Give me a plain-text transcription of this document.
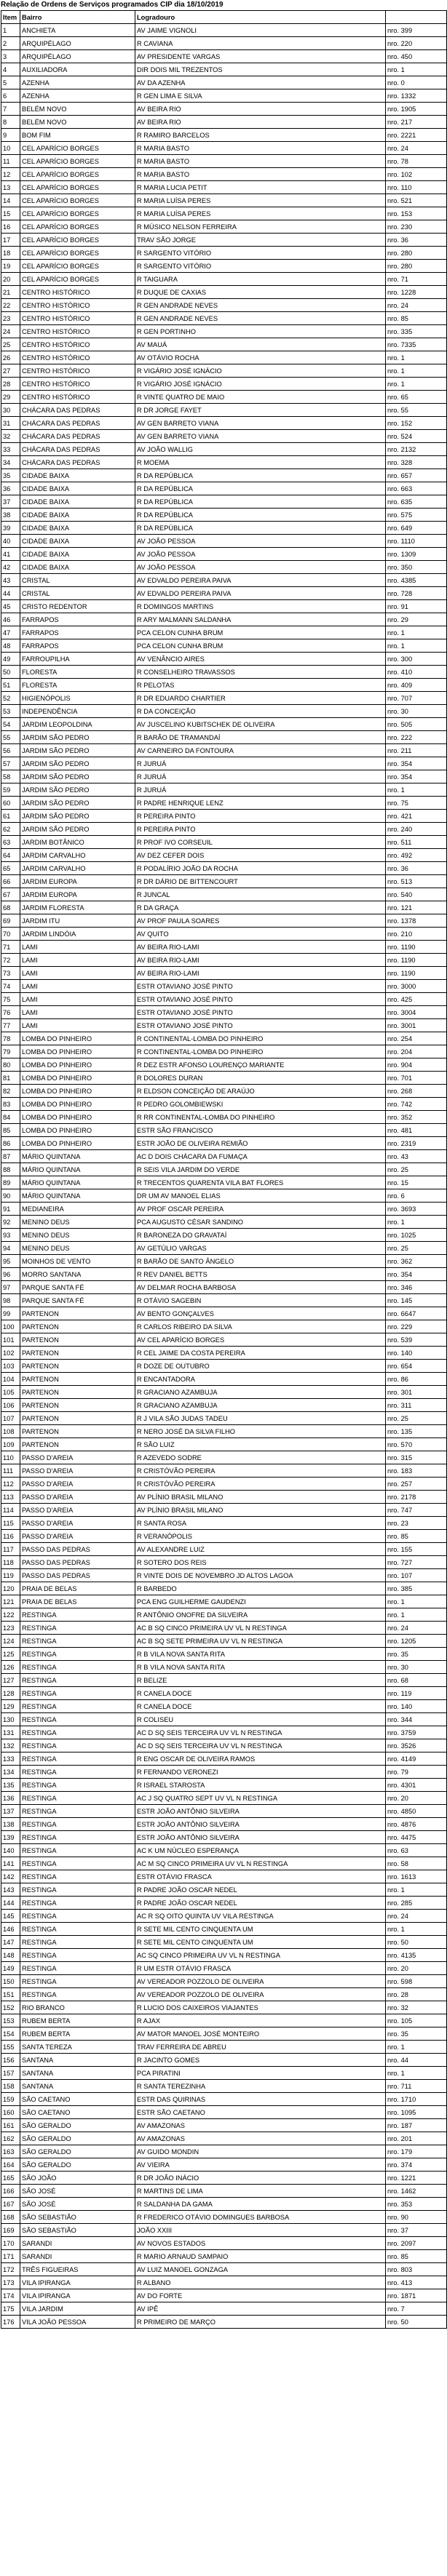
Relação de Ordens de Serviços programados CIP dia 18/10/2019
Item	Bairro	Logradouro	
1	ANCHIETA	AV JAIME VIGNOLI	nro. 399
2	ARQUIPÉLAGO	R CAVIANA	nro. 220
3	ARQUIPÉLAGO	AV PRESIDENTE VARGAS	nro. 450
4	AUXILIADORA	DIR DOIS MIL TREZENTOS	nro. 1
5	AZENHA	AV DA AZENHA	nro. 0
6	AZENHA	R GEN LIMA E SILVA	nro. 1332
7	BELÉM NOVO	AV BEIRA RIO	nro. 1905
8	BELÉM NOVO	AV BEIRA RIO	nro. 217
9	BOM FIM	R RAMIRO BARCELOS	nro. 2221
10	CEL APARÍCIO BORGES	R MARIA BASTO	nro. 24
11	CEL APARÍCIO BORGES	R MARIA BASTO	nro. 78
12	CEL APARÍCIO BORGES	R MARIA BASTO	nro. 102
13	CEL APARÍCIO BORGES	R MARIA LUCIA PETIT	nro. 110
14	CEL APARÍCIO BORGES	R MARIA LUÍSA PERES	nro. 521
15	CEL APARÍCIO BORGES	R MARIA LUÍSA PERES	nro. 153
16	CEL APARÍCIO BORGES	R MÚSICO NELSON FERREIRA	nro. 230
17	CEL APARÍCIO BORGES	TRAV SÃO JORGE	nro. 36
18	CEL APARÍCIO BORGES	R SARGENTO VITÓRIO	nro. 280
19	CEL APARÍCIO BORGES	R SARGENTO VITÓRIO	nro. 280
20	CEL APARÍCIO BORGES	R TAIGUARA	nro. 71
21	CENTRO HISTÓRICO	R DUQUE DE CAXIAS	nro. 1228
22	CENTRO HISTÓRICO	R GEN ANDRADE NEVES	nro. 24
23	CENTRO HISTÓRICO	R GEN ANDRADE NEVES	nro. 85
24	CENTRO HISTÓRICO	R GEN PORTINHO	nro. 335
25	CENTRO HISTÓRICO	AV MAUÁ	nro. 7335
26	CENTRO HISTÓRICO	AV OTÁVIO ROCHA	nro. 1
27	CENTRO HISTÓRICO	R VIGÁRIO JOSÉ IGNÁCIO	nro. 1
28	CENTRO HISTÓRICO	R VIGÁRIO JOSÉ IGNÁCIO	nro. 1
29	CENTRO HISTÓRICO	R VINTE QUATRO DE MAIO	nro. 65
30	CHÁCARA DAS PEDRAS	R DR JORGE FAYET	nro. 55
31	CHÁCARA DAS PEDRAS	AV GEN BARRETO VIANA	nro. 152
32	CHÁCARA DAS PEDRAS	AV GEN BARRETO VIANA	nro. 524
33	CHÁCARA DAS PEDRAS	AV JOÃO WALLIG	nro. 2132
34	CHÁCARA DAS PEDRAS	R MOEMA	nro. 328
35	CIDADE BAIXA	R DA REPÚBLICA	nro. 657
36	CIDADE BAIXA	R DA REPÚBLICA	nro. 663
37	CIDADE BAIXA	R DA REPÚBLICA	nro. 635
38	CIDADE BAIXA	R DA REPÚBLICA	nro. 575
39	CIDADE BAIXA	R DA REPÚBLICA	nro. 649
40	CIDADE BAIXA	AV JOÃO PESSOA	nro. 1110
41	CIDADE BAIXA	AV JOÃO PESSOA	nro. 1309
42	CIDADE BAIXA	AV JOÃO PESSOA	nro. 350
43	CRISTAL	AV EDVALDO PEREIRA PAIVA	nro. 4385
44	CRISTAL	AV EDVALDO PEREIRA PAIVA	nro. 728
45	CRISTO REDENTOR	R DOMINGOS MARTINS	nro. 91
46	FARRAPOS	R ARY MALMANN SALDANHA	nro. 29
47	FARRAPOS	PCA CELON CUNHA BRUM	nro. 1
48	FARRAPOS	PCA CELON CUNHA BRUM	nro. 1
49	FARROUPILHA	AV VENÂNCIO AIRES	nro. 300
50	FLORESTA	R CONSELHEIRO TRAVASSOS	nro. 410
51	FLORESTA	R PELOTAS	nro. 409
52	HIGIENÓPOLIS	R DR EDUARDO CHARTIER	nro. 707
53	INDEPENDÊNCIA	R DA CONCEIÇÃO	nro. 30
54	JARDIM LEOPOLDINA	AV JUSCELINO KUBITSCHEK DE OLIVEIRA	nro. 505
55	JARDIM SÃO PEDRO	R BARÃO DE TRAMANDAÍ	nro. 222
56	JARDIM SÃO PEDRO	AV CARNEIRO DA FONTOURA	nro. 211
57	JARDIM SÃO PEDRO	R JURUÁ	nro. 354
58	JARDIM SÃO PEDRO	R JURUÁ	nro. 354
59	JARDIM SÃO PEDRO	R JURUÁ	nro. 1
60	JARDIM SÃO PEDRO	R PADRE HENRIQUE LENZ	nro. 75
61	JARDIM SÃO PEDRO	R PEREIRA PINTO	nro. 421
62	JARDIM SÃO PEDRO	R PEREIRA PINTO	nro. 240
63	JARDIM BOTÂNICO	R PROF IVO CORSEUIL	nro. 511
64	JARDIM CARVALHO	AV DEZ CEFER DOIS	nro. 492
65	JARDIM CARVALHO	R PODALÍRIO JOÃO DA ROCHA	nro. 36
66	JARDIM EUROPA	R DR DÁRIO DE BITTENCOURT	nro. 513
67	JARDIM EUROPA	R JUNCAL	nro. 540
68	JARDIM FLORESTA	R DA GRAÇA	nro. 121
69	JARDIM ITU	AV PROF PAULA SOARES	nro. 1378
70	JARDIM LINDÓIA	AV QUITO	nro. 210
71	LAMI	AV BEIRA RIO-LAMI	nro. 1190
72	LAMI	AV BEIRA RIO-LAMI	nro. 1190
73	LAMI	AV BEIRA RIO-LAMI	nro. 1190
74	LAMI	ESTR OTAVIANO JOSÉ PINTO	nro. 3000
75	LAMI	ESTR OTAVIANO JOSÉ PINTO	nro. 425
76	LAMI	ESTR OTAVIANO JOSÉ PINTO	nro. 3004
77	LAMI	ESTR OTAVIANO JOSÉ PINTO	nro. 3001
78	LOMBA DO PINHEIRO	R CONTINENTAL-LOMBA DO PINHEIRO	nro. 254
79	LOMBA DO PINHEIRO	R CONTINENTAL-LOMBA DO PINHEIRO	nro. 204
80	LOMBA DO PINHEIRO	R DEZ ESTR AFONSO LOURENÇO MARIANTE	nro. 904
81	LOMBA DO PINHEIRO	R DOLORES DURAN	nro. 701
82	LOMBA DO PINHEIRO	R ELDSON CONCEIÇÃO DE ARAÚJO	nro. 268
83	LOMBA DO PINHEIRO	R PEDRO GOLOMBIEWSKI	nro. 742
84	LOMBA DO PINHEIRO	R RR CONTINENTAL-LOMBA DO PINHEIRO	nro. 352
85	LOMBA DO PINHEIRO	ESTR SÃO FRANCISCO	nro. 481
86	LOMBA DO PINHEIRO	ESTR JOÃO DE OLIVEIRA REMIÃO	nro. 2319
87	MÁRIO QUINTANA	AC D DOIS CHÁCARA DA FUMAÇA	nro. 43
88	MÁRIO QUINTANA	R SEIS VILA JARDIM DO VERDE	nro. 25
89	MÁRIO QUINTANA	R TRECENTOS QUARENTA VILA BAT FLORES	nro. 15
90	MÁRIO QUINTANA	DR UM AV MANOEL ELIAS	nro. 6
91	MEDIANEIRA	AV PROF OSCAR PEREIRA	nro. 3693
92	MENINO DEUS	PCA AUGUSTO CÉSAR SANDINO	nro. 1
93	MENINO DEUS	R BARONEZA DO GRAVATAÍ	nro. 1025
94	MENINO DEUS	AV GETÚLIO VARGAS	nro. 25
95	MOINHOS DE VENTO	R BARÃO DE SANTO ÂNGELO	nro. 362
96	MORRO SANTANA	R REV DANIEL BETTS	nro. 354
97	PARQUE SANTA FÉ	AV DELMAR ROCHA BARBOSA	nro. 346
98	PARQUE SANTA FÉ	R OTÁVIO SAGEBIN	nro. 145
99	PARTENON	AV BENTO GONÇALVES	nro. 6647
100	PARTENON	R CARLOS RIBEIRO DA SILVA	nro. 229
101	PARTENON	AV CEL APARÍCIO BORGES	nro. 539
102	PARTENON	R CEL JAIME DA COSTA PEREIRA	nro. 140
103	PARTENON	R DOZE DE OUTUBRO	nro. 654
104	PARTENON	R ENCANTADORA	nro. 86
105	PARTENON	R GRACIANO AZAMBUJA	nro. 301
106	PARTENON	R GRACIANO AZAMBUJA	nro. 311
107	PARTENON	R J VILA SÃO JUDAS TADEU	nro. 25
108	PARTENON	R NERO JOSÉ DA SILVA FILHO	nro. 135
109	PARTENON	R SÃO LUIZ	nro. 570
110	PASSO D'AREIA	R AZEVEDO SODRE	nro. 315
111	PASSO D'AREIA	R CRISTÓVÃO PEREIRA	nro. 183
112	PASSO D'AREIA	R CRISTÓVÃO PEREIRA	nro. 257
113	PASSO D'AREIA	AV PLÍNIO BRASIL MILANO	nro. 2178
114	PASSO D'AREIA	AV PLÍNIO BRASIL MILANO	nro. 747
115	PASSO D'AREIA	R SANTA ROSA	nro. 23
116	PASSO D'AREIA	R VERANÓPOLIS	nro. 85
117	PASSO DAS PEDRAS	AV ALEXANDRE LUIZ	nro. 155
118	PASSO DAS PEDRAS	R SOTERO DOS REIS	nro. 727
119	PASSO DAS PEDRAS	R VINTE DOIS DE NOVEMBRO JD ALTOS LAGOA	nro. 107
120	PRAIA DE BELAS	R BARBEDO	nro. 385
121	PRAIA DE BELAS	PCA ENG GUILHERME GAUDENZI	nro. 1
122	RESTINGA	R ANTÔNIO ONOFRE DA SILVEIRA	nro. 1
123	RESTINGA	AC B SQ CINCO PRIMEIRA UV VL N RESTINGA	nro. 24
124	RESTINGA	AC B SQ SETE PRIMEIRA UV VL N RESTINGA	nro. 1205
125	RESTINGA	R B VILA NOVA SANTA RITA	nro. 35
126	RESTINGA	R B VILA NOVA SANTA RITA	nro. 30
127	RESTINGA	R BELIZE	nro. 68
128	RESTINGA	R CANELA DOCE	nro. 119
129	RESTINGA	R CANELA DOCE	nro. 140
130	RESTINGA	R COLISEU	nro. 344
131	RESTINGA	AC D SQ SEIS TERCEIRA UV VL N RESTINGA	nro. 3759
132	RESTINGA	AC D SQ SEIS TERCEIRA UV VL N RESTINGA	nro. 3526
133	RESTINGA	R ENG OSCAR DE OLIVEIRA RAMOS	nro. 4149
134	RESTINGA	R FERNANDO VERONEZI	nro. 79
135	RESTINGA	R ISRAEL STAROSTA	nro. 4301
136	RESTINGA	AC J SQ QUATRO SEPT UV VL N RESTINGA	nro. 20
137	RESTINGA	ESTR JOÃO ANTÔNIO SILVEIRA	nro. 4850
138	RESTINGA	ESTR JOÃO ANTÔNIO SILVEIRA	nro. 4876
139	RESTINGA	ESTR JOÃO ANTÔNIO SILVEIRA	nro. 4475
140	RESTINGA	AC K UM NÚCLEO ESPERANÇA	nro. 63
141	RESTINGA	AC M SQ CINCO PRIMEIRA UV VL N RESTINGA	nro. 58
142	RESTINGA	ESTR OTÁVIO FRASCA	nro. 1613
143	RESTINGA	R PADRE JOÃO OSCAR NEDEL	nro. 1
144	RESTINGA	R PADRE JOÃO OSCAR NEDEL	nro. 285
145	RESTINGA	AC R SQ OITO QUINTA UV VILA RESTINGA	nro. 24
146	RESTINGA	R SETE MIL CENTO CINQUENTA UM	nro. 1
147	RESTINGA	R SETE MIL CENTO CINQUENTA UM	nro. 50
148	RESTINGA	AC SQ CINCO PRIMEIRA UV VL N RESTINGA	nro. 4135
149	RESTINGA	R UM ESTR OTÁVIO FRASCA	nro. 20
150	RESTINGA	AV VEREADOR POZZOLO DE OLIVEIRA	nro. 598
151	RESTINGA	AV VEREADOR POZZOLO DE OLIVEIRA	nro. 28
152	RIO BRANCO	R LUCIO DOS CAIXEIROS VIAJANTES	nro. 32
153	RUBEM BERTA	R AJAX	nro. 105
154	RUBEM BERTA	AV MATOR MANOEL JOSÉ MONTEIRO	nro. 35
155	SANTA TEREZA	TRAV FERREIRA DE ABREU	nro. 1
156	SANTANA	R JACINTO GOMES	nro. 44
157	SANTANA	PCA PIRATINI	nro. 1
158	SANTANA	R SANTA TEREZINHA	nro. 711
159	SÃO CAETANO	ESTR DAS QUIRINAS	nro. 1710
160	SÃO CAETANO	ESTR SÃO CAETANO	nro. 1095
161	SÃO GERALDO	AV AMAZONAS	nro. 187
162	SÃO GERALDO	AV AMAZONAS	nro. 201
163	SÃO GERALDO	AV GUIDO MONDIN	nro. 179
164	SÃO GERALDO	AV VIEIRA	nro. 374
165	SÃO JOÃO	R DR JOÃO INÁCIO	nro. 1221
166	SÃO JOSÉ	R MARTINS DE LIMA	nro. 1462
167	SÃO JOSÉ	R SALDANHA DA GAMA	nro. 353
168	SÃO SEBASTIÃO	R FREDERICO OTÁVIO DOMINGUES BARBOSA	nro. 90
169	SÃO SEBASTIÃO	JOÃO XXIII	nro. 37
170	SARANDI	AV NOVOS ESTADOS	nro. 2097
171	SARANDI	R MARIO ARNAUD SAMPAIO	nro. 85
172	TRÊS FIGUEIRAS	AV LUIZ MANOEL GONZAGA	nro. 803
173	VILA IPIRANGA	R ALBANO	nro. 413
174	VILA IPIRANGA	AV DO FORTE	nro. 1871
175	VILA JARDIM	AV IPÊ	nro. 7
176	VILA JOÃO PESSOA	R PRIMEIRO DE MARÇO	nro. 50
